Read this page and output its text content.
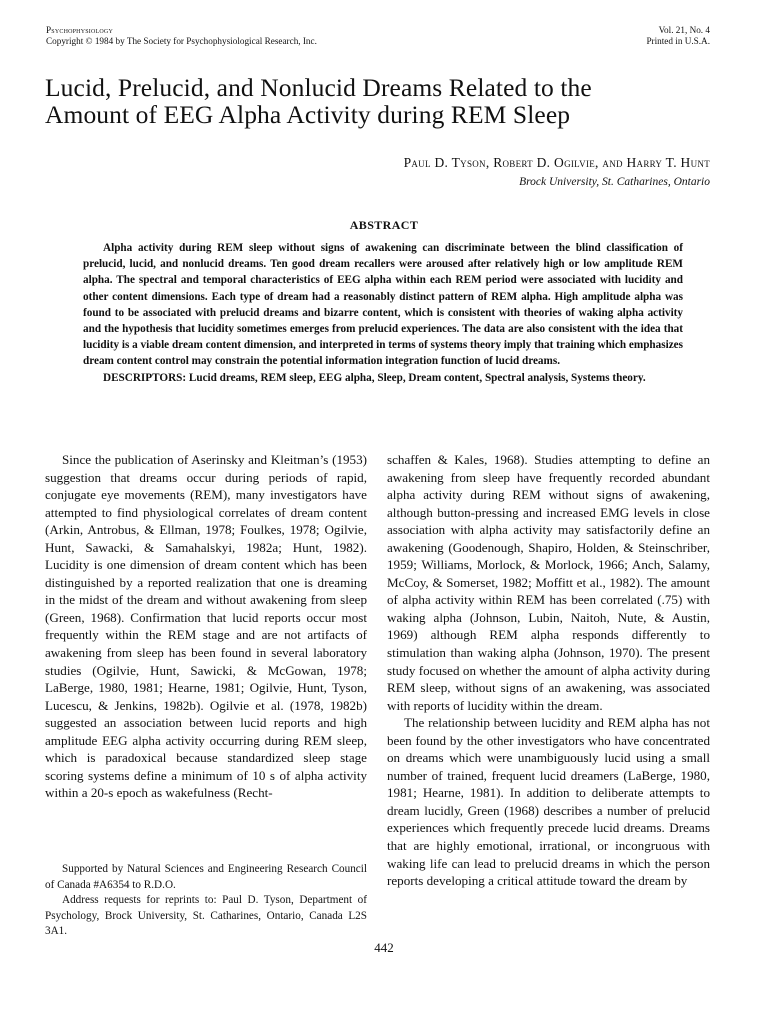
Psychophysiology
Copyright © 1984 by The Society for Psychophysiological Research, Inc.
Vol. 21, No. 4
Printed in U.S.A.
Lucid, Prelucid, and Nonlucid Dreams Related to the
Amount of EEG Alpha Activity during REM Sleep
Paul D. Tyson, Robert D. Ogilvie, and Harry T. Hunt
Brock University, St. Catharines, Ontario
ABSTRACT

Alpha activity during REM sleep without signs of awakening can discriminate between the blind classification of prelucid, lucid, and nonlucid dreams. Ten good dream recallers were aroused after relatively high or low amplitude REM alpha. The spectral and temporal characteristics of EEG alpha within each REM period were associated with lucidity and other content dimensions. Each type of dream had a reasonably distinct pattern of REM alpha. High amplitude alpha was found to be associated with prelucid dreams and bizarre content, which is consistent with theories of waking alpha activity and the hypothesis that lucidity sometimes emerges from prelucid experiences. The data are also consistent with the idea that lucidity is a viable dream content dimension, and interpreted in terms of systems theory imply that training which emphasizes dream content control may constrain the potential information integration function of lucid dreams.

DESCRIPTORS: Lucid dreams, REM sleep, EEG alpha, Sleep, Dream content, Spectral analysis, Systems theory.

Since the publication of Aserinsky and Kleitman’s (1953) suggestion that dreams occur during periods of rapid, conjugate eye movements (REM), many investigators have attempted to find physiological correlates of dream content (Arkin, Antrobus, & Ellman, 1978; Foulkes, 1978; Ogilvie, Hunt, Sawacki, & Samahalskyi, 1982a; Hunt, 1982). Lucidity is one dimension of dream content which has been distinguished by a reported realization that one is dreaming in the midst of the dream and without awakening from sleep (Green, 1968). Confirmation that lucid reports occur most frequently within the REM stage and are not artifacts of awakening from sleep has been found in several laboratory studies (Ogilvie, Hunt, Sawicki, & McGowan, 1978; LaBerge, 1980, 1981; Hearne, 1981; Ogilvie, Hunt, Tyson, Lucescu, & Jenkins, 1982b). Ogilvie et al. (1978, 1982b) suggested an association between lucid reports and high amplitude EEG alpha activity occurring during REM sleep, which is paradoxical because standardized sleep stage scoring systems define a minimum of 10 s of alpha activity within a 20-s epoch as wakefulness (Recht-

schaffen & Kales, 1968). Studies attempting to define an awakening from sleep have frequently recorded abundant alpha activity during REM without signs of awakening, although button-pressing and increased EMG levels in close association with alpha activity may satisfactorily define an awakening (Goodenough, Shapiro, Holden, & Steinschriber, 1959; Williams, Morlock, & Morlock, 1966; Anch, Salamy, McCoy, & Somerset, 1982; Moffitt et al., 1982). The amount of alpha activity within REM has been correlated (.75) with waking alpha (Johnson, Lubin, Naitoh, Nute, & Austin, 1969) although REM alpha responds differently to stimulation than waking alpha (Johnson, 1970). The present study focused on whether the amount of alpha activity during REM sleep, without signs of an awakening, was associated with reports of lucidity within the dream.

The relationship between lucidity and REM alpha has not been found by the other investigators who have concentrated on dreams which were unambiguously lucid using a small number of trained, frequent lucid dreamers (LaBerge, 1980, 1981; Hearne, 1981). In addition to deliberate attempts to dream lucidly, Green (1968) describes a number of prelucid experiences which frequently precede lucid dreams. Dreams that are highly emotional, irrational, or incongruous with waking life can lead to prelucid dreams in which the person reports developing a critical attitude toward the dream by

Supported by Natural Sciences and Engineering Research Council of Canada #A6354 to R.D.O.

Address requests for reprints to: Paul D. Tyson, Department of Psychology, Brock University, St. Catharines, Ontario, Canada L2S 3A1.

442
